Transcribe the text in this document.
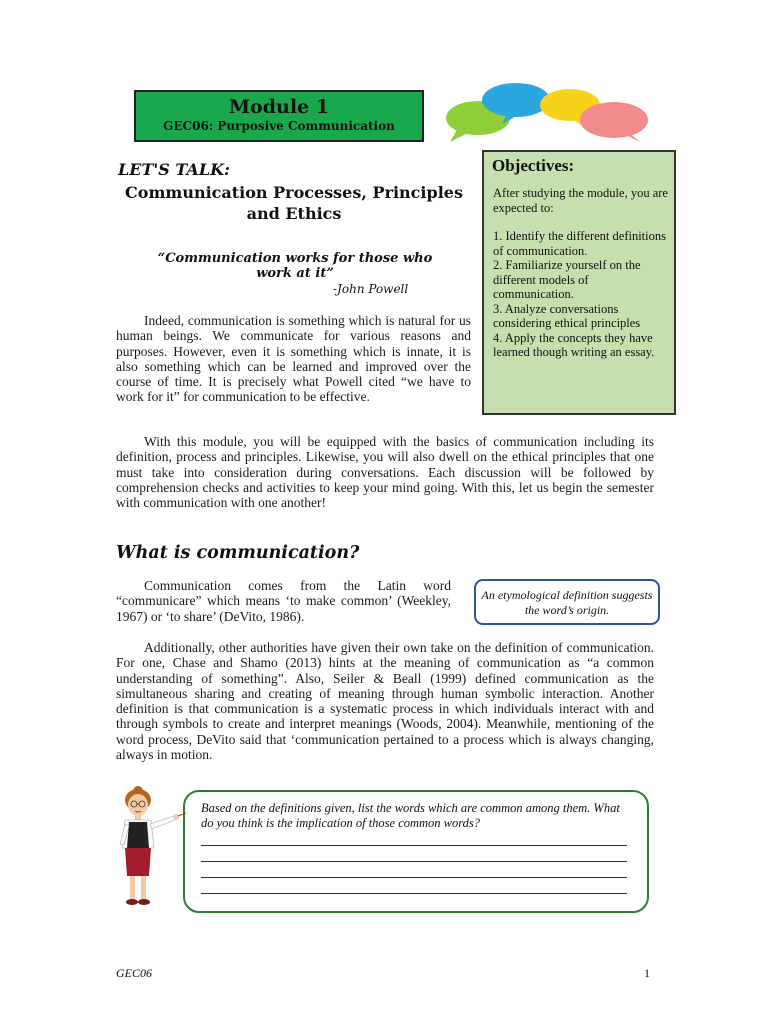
Module 1
GEC06: Purposive Communication
Objectives:
After studying the module, you are expected to:
1. Identify the different definitions of communication.
2. Familiarize yourself on the different models of communication.
3. Analyze conversations considering ethical principles
4. Apply the concepts they have learned though writing an essay.
LET'S TALK:
Communication Processes, Principles and Ethics
“Communication works for those who work at it”
-John Powell

Indeed, communication is something which is natural for us human beings. We communicate for various reasons and purposes. However, even it is something which is innate, it is also something which can be learned and improved over the course of time. It is precisely what Powell cited “we have to work for it” for communication to be effective.

With this module, you will be equipped with the basics of communication including its definition, process and principles. Likewise, you will also dwell on the ethical principles that one must take into consideration during conversations. Each discussion will be followed by comprehension checks and activities to keep your mind going. With this, let us begin the semester with communication with one another!

What is communication?

Communication comes from the Latin word “communicare” which means ‘to make common’ (Weekley, 1967) or ‘to share’ (DeVito, 1986).

An etymological definition suggests the word’s origin.

Additionally, other authorities have given their own take on the definition of communication. For one, Chase and Shamo (2013) hints at the meaning of communication as “a common understanding of something”. Also, Seiler & Beall (1999) defined communication as the simultaneous sharing and creating of meaning through human symbolic interaction. Another definition is that communication is a systematic process in which individuals interact with and through symbols to create and interpret meanings (Woods, 2004). Meanwhile, mentioning of the word process, DeVito said that ‘communication pertained to a process which is always changing, always in motion.

Based on the definitions given, list the words which are common among them. What do you think is the implication of those common words?
GEC06	1
